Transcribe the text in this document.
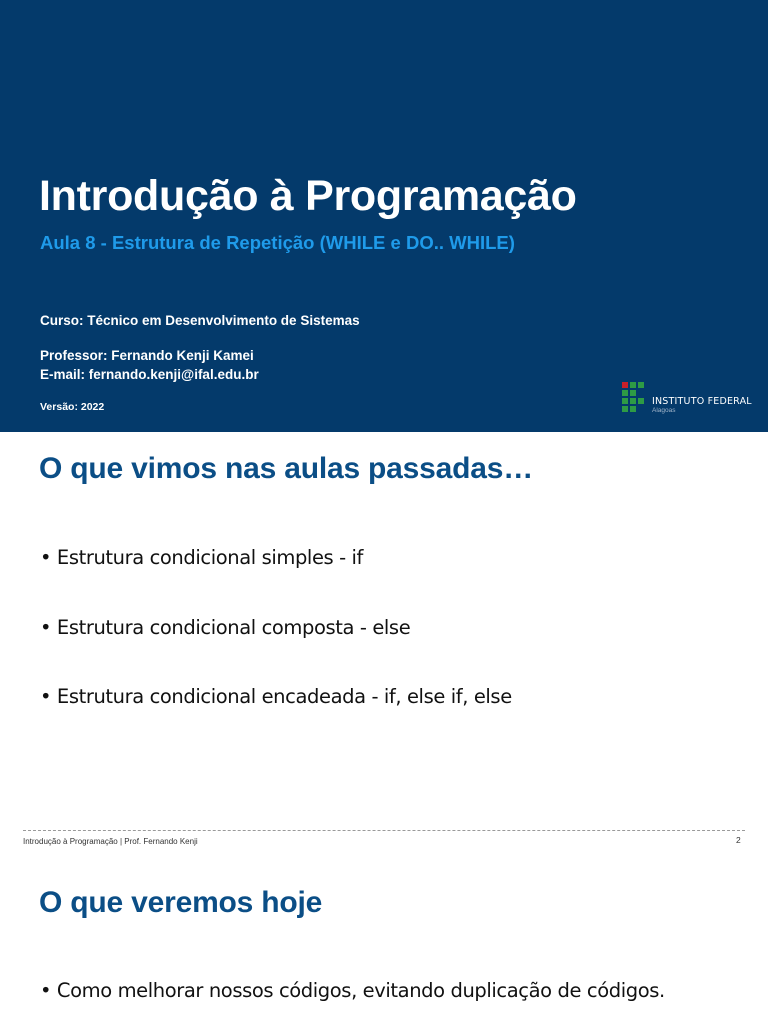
Introdução à Programação
Aula 8 - Estrutura de Repetição (WHILE e DO.. WHILE)
Curso: Técnico em Desenvolvimento de Sistemas
Professor: Fernando Kenji Kamei
E-mail: fernando.kenji@ifal.edu.br
Versão: 2022	INSTITUTO FEDERAL
Alagoas
O que vimos nas aulas passadas…
• Estrutura condicional simples - if
• Estrutura condicional composta - else
• Estrutura condicional encadeada - if, else if, else
Introdução à Programação | Prof. Fernando Kenji	2
O que veremos hoje
• Como melhorar nossos códigos, evitando duplicação de códigos.
